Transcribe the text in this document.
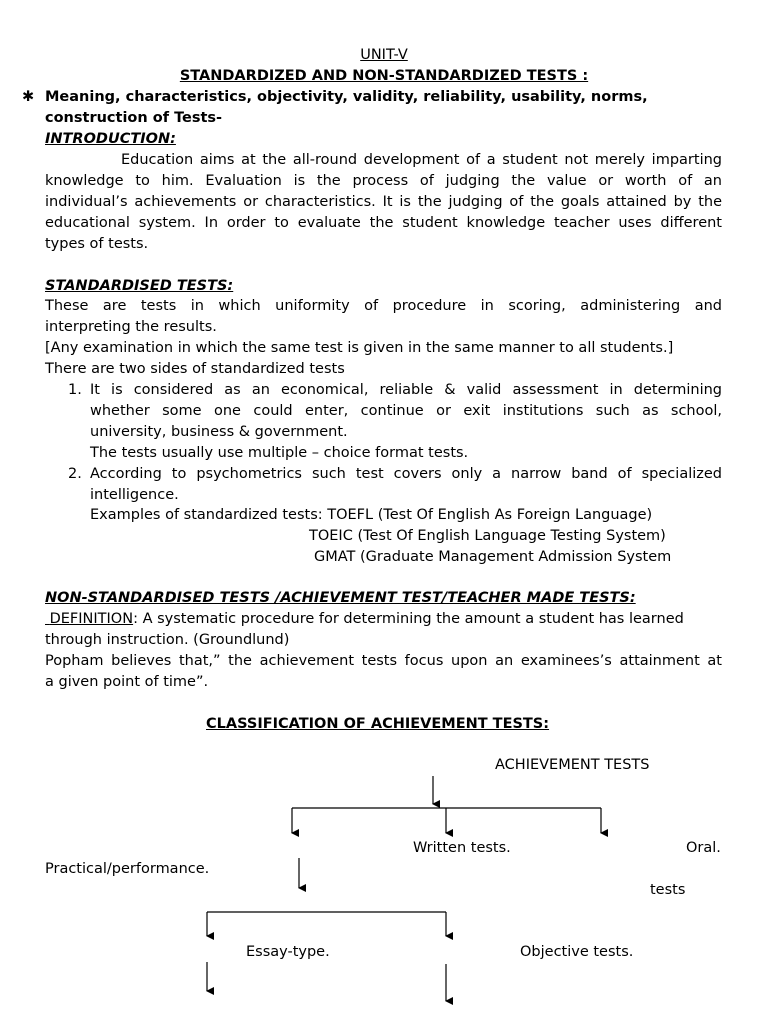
UNIT-V
STANDARDIZED AND NON-STANDARDIZED TESTS :
✱ Meaning, characteristics, objectivity, validity, reliability, usability, norms,
construction of Tests-
INTRODUCTION:
Education aims at the all-round development of a student not merely imparting
knowledge to him. Evaluation is the process of judging the value or worth of an
individual’s achievements or characteristics. It is the judging of the goals attained by the
educational system. In order to evaluate the student knowledge teacher uses different
types of tests.
STANDARDISED TESTS:
These are tests in which uniformity of procedure in scoring, administering and
interpreting the results.
[Any examination in which the same test is given in the same manner to all students.]
There are two sides of standardized tests
1. It is considered as an economical, reliable & valid assessment in determining
whether some one could enter, continue or exit institutions such as school,
university, business & government.
The tests usually use multiple – choice format tests.
2. According to psychometrics such test covers only a narrow band of specialized
intelligence.
Examples of standardized tests: TOEFL (Test Of English As Foreign Language)
TOEIC (Test Of English Language Testing System)
GMAT (Graduate Management Admission System
NON-STANDARDISED TESTS /ACHIEVEMENT TEST/TEACHER MADE TESTS:
DEFINITION: A systematic procedure for determining the amount a student has learned
through instruction. (Groundlund)
Popham believes that,” the achievement tests focus upon an examinees’s attainment at
a given point of time”.
CLASSIFICATION OF ACHIEVEMENT TESTS:
ACHIEVEMENT TESTS
Written tests.	Oral.
Practical/performance.
tests
Essay-type.	Objective tests.
